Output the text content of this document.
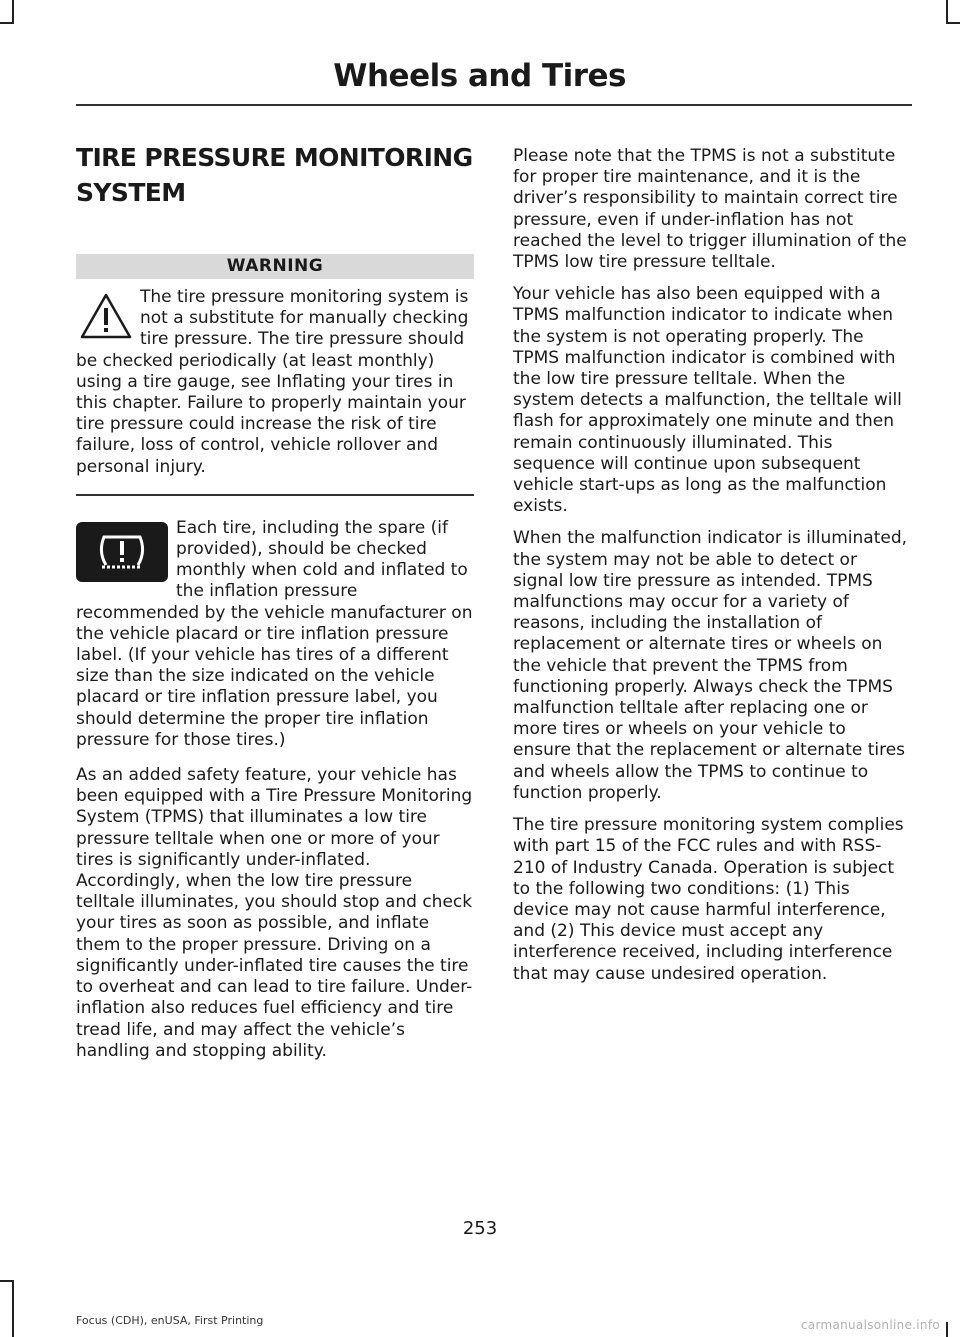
Wheels and Tires
TIRE PRESSURE MONITORING SYSTEM
WARNING
The tire pressure monitoring system is not a substitute for manually checking tire pressure. The tire pressure should be checked periodically (at least monthly) using a tire gauge, see Inflating your tires in this chapter. Failure to properly maintain your tire pressure could increase the risk of tire failure, loss of control, vehicle rollover and personal injury.
Each tire, including the spare (if provided), should be checked monthly when cold and inflated to the inflation pressure recommended by the vehicle manufacturer on the vehicle placard or tire inflation pressure label. (If your vehicle has tires of a different size than the size indicated on the vehicle placard or tire inflation pressure label, you should determine the proper tire inflation pressure for those tires.)

As an added safety feature, your vehicle has been equipped with a Tire Pressure Monitoring System (TPMS) that illuminates a low tire pressure telltale when one or more of your tires is significantly under-inflated. Accordingly, when the low tire pressure telltale illuminates, you should stop and check your tires as soon as possible, and inflate them to the proper pressure. Driving on a significantly under-inflated tire causes the tire to overheat and can lead to tire failure. Under-inflation also reduces fuel efficiency and tire tread life, and may affect the vehicle’s handling and stopping ability.

Please note that the TPMS is not a substitute for proper tire maintenance, and it is the driver’s responsibility to maintain correct tire pressure, even if under-inflation has not reached the level to trigger illumination of the TPMS low tire pressure telltale.

Your vehicle has also been equipped with a TPMS malfunction indicator to indicate when the system is not operating properly. The TPMS malfunction indicator is combined with the low tire pressure telltale. When the system detects a malfunction, the telltale will flash for approximately one minute and then remain continuously illuminated. This sequence will continue upon subsequent vehicle start-ups as long as the malfunction exists.

When the malfunction indicator is illuminated, the system may not be able to detect or signal low tire pressure as intended. TPMS malfunctions may occur for a variety of reasons, including the installation of replacement or alternate tires or wheels on the vehicle that prevent the TPMS from functioning properly. Always check the TPMS malfunction telltale after replacing one or more tires or wheels on your vehicle to ensure that the replacement or alternate tires and wheels allow the TPMS to continue to function properly.

The tire pressure monitoring system complies with part 15 of the FCC rules and with RSS-210 of Industry Canada. Operation is subject to the following two conditions: (1) This device may not cause harmful interference, and (2) This device must accept any interference received, including interference that may cause undesired operation.

253
Focus (CDH), enUSA, First Printing	carmanualsonline.info
